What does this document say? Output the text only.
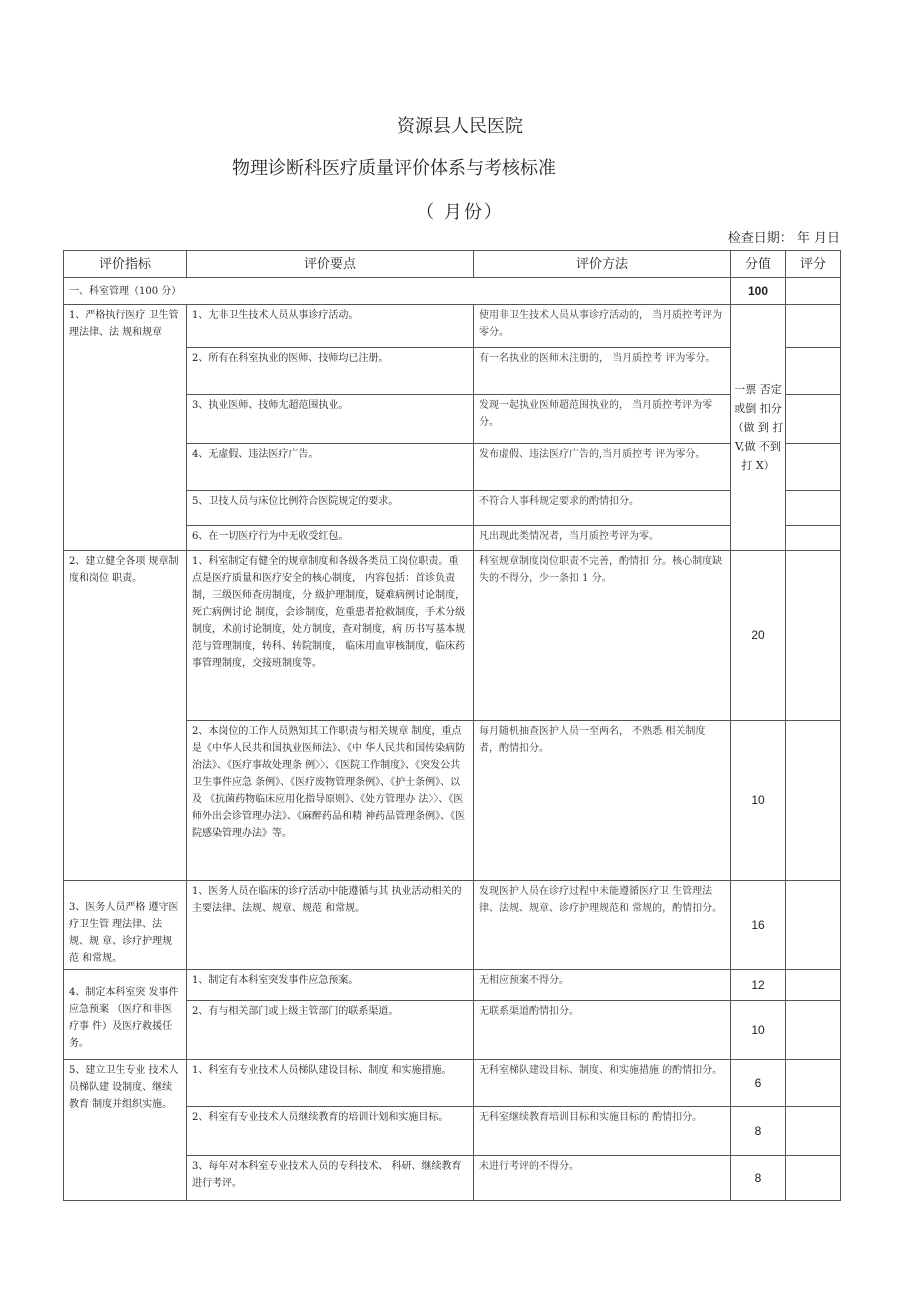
资源县人民医院
物理诊断科医疗质量评价体系与考核标准
（ 月份）
检查日期： 年 月日
评价指标	评价要点	评价方法	分值	评分
一、科室管理（100 分）			100	
1、严格执行医疗 卫生管理法律、法 规和规章	1、尢非卫生技术人员从事诊疗活动。	使用非卫生技术人员从事诊疗活动的， 当月质控考评为零分。	一票 否定或倒 扣分（做 到 打 V,做 不到打 X）	
	2、所有在科室执业的医师、技师均已注册。	有一名执业的医师未注册的， 当月质控考 评为零分。		
	3、执业医师、技师尢超范围执业。	发现一起执业医师超范围执业的， 当月质控考评为零分。		
	4、无虚假、违法医疗广告。	发布虚假、违法医疗广告的,当月质控考 评为零分。		
	5、卫技人员与床位比例符合医院规定的要求。	不符合人事科规定要求的酌情扣分。		
	6、在一切医疗行为中无收受红包。	凡出现此类情况者，当月质控考评为零。		
2、建立健全各项 规章制度和岗位 职责。	1、科室制定有健全的规章制度和各级各类员工岗位职责。重点是医疗质量和医疗安全的核心制度， 内容包括：首诊负责制，三级医师查房制度，分 级护理制度，疑难病例讨论制度，死亡病例讨论 制度，会诊制度，危重患者抢救制度，手术分级 制度，术前讨论制度，处方制度，查对制度，病 历书写基本规范与管理制度，转科、转院制度， 临床用血审核制度，临床药事管理制度，交接班制度等。	科室规章制度岗位职责不完善，酌情扣 分。核心制度缺失的不得分，少一条扣 1 分。	20	
	2、本岗位的工作人员熟知其工作职责与相关规章 制度，重点是《中华人民共和国执业医师法》、《中 华人民共和国传染病防治法》、《医疗事故处理条 例〉〉、《医院工作制度》、《突发公共卫生事件应急 条例》、《医疗废物管理条例》、《护士条例》、以及 《抗菌药物临床应用化指导原则》、《处方管理办 法〉〉、《医师外出会诊管理办法》、《麻醉药品和精 神药品管理条例》、《医院感染管理办法》等。	每月随机抽查医护人员一至两名， 不熟悉 相关制度者，酌情扣分。	10	
3、医务人员严格 遵守医疗卫生管 理法律、法规、规 章、诊疗护理规范 和常规。	1、医务人员在临床的诊疗活动中能遵循与其 执业活动相关的主要法律、法规、规章、规范 和常规。	发现医护人员在诊疗过程中未能遵循医疗卫 生管理法律、法规、规章、诊疗护理规范和 常规的，酌情扣分。	16	
4、制定本科室突 发事件应急预案 （医疗和非医疗事 件）及医疗救援任 务。	1、制定有本科室突发事件应急预案。	无相应预案不得分。	12	
	2、有与相关部门或上级主管部门的联系渠道。	无联系渠道酌情扣分。	10	
5、建立卫生专业 技术人员梯队建 设制度、继续教育 制度并组织实施。	1、科室有专业技术人员梯队建设目标、制度 和实施措施。	无科室梯队建设目标、制度、和实施措施 的酌情扣分。	6	
	2、科室有专业技术人员继续教育的培训计划和实施目标。	无科室继续教育培训目标和实施目标的 酌情扣分。	8	
	3、每年对本科室专业技术人员的专科技术、 科研、继续教育进行考评。	未进行考评的不得分。	8	
